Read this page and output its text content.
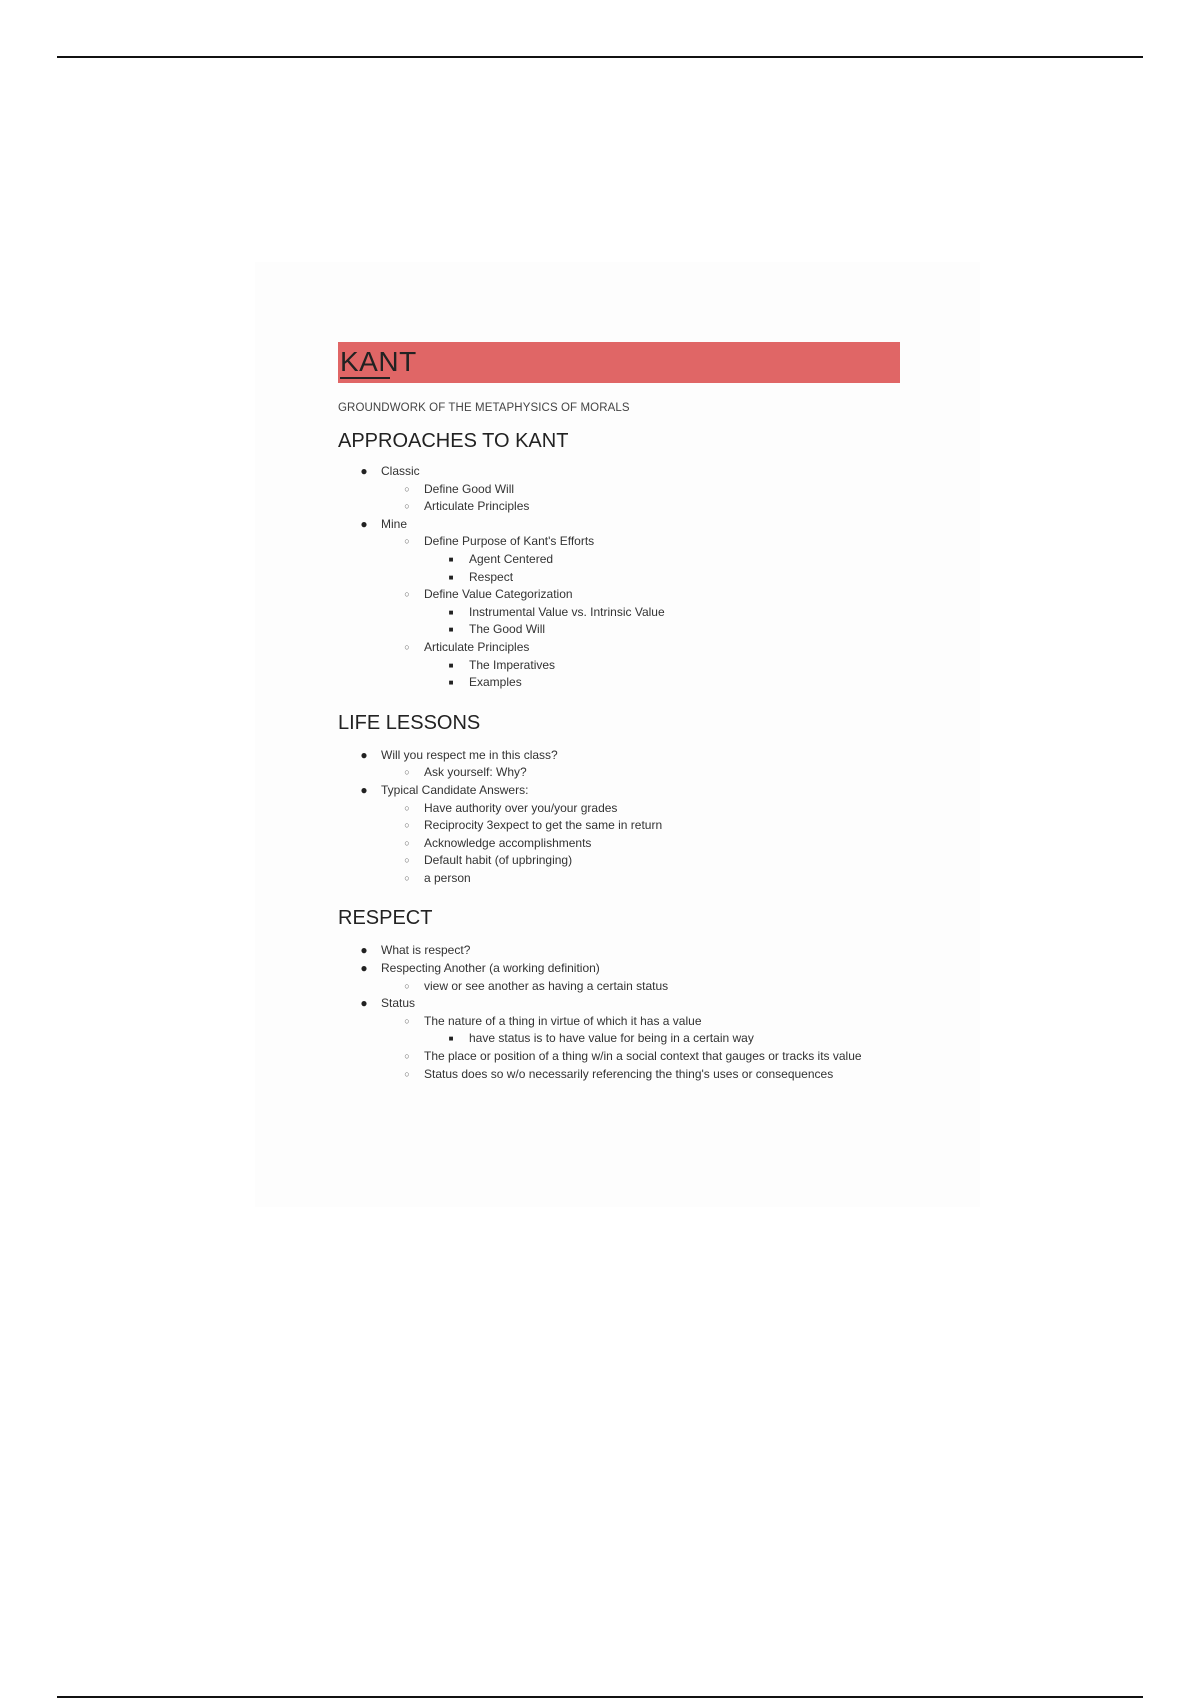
KANT
GROUNDWORK OF THE METAPHYSICS OF MORALS
APPROACHES TO KANT
● Classic
○ Define Good Will
○ Articulate Principles
● Mine
○ Define Purpose of Kant's Efforts
■ Agent Centered
■ Respect
○ Define Value Categorization
■ Instrumental Value vs. Intrinsic Value
■ The Good Will
○ Articulate Principles
■ The Imperatives
■ Examples
LIFE LESSONS
● Will you respect me in this class?
○ Ask yourself: Why?
● Typical Candidate Answers:
○ Have authority over you/your grades
○ Reciprocity 3expect to get the same in return
○ Acknowledge accomplishments
○ Default habit (of upbringing)
○ a person
RESPECT
● What is respect?
● Respecting Another (a working definition)
○ view or see another as having a certain status
● Status
○ The nature of a thing in virtue of which it has a value
■ have status is to have value for being in a certain way
○ The place or position of a thing w/in a social context that gauges or tracks its value
○ Status does so w/o necessarily referencing the thing's uses or consequences
